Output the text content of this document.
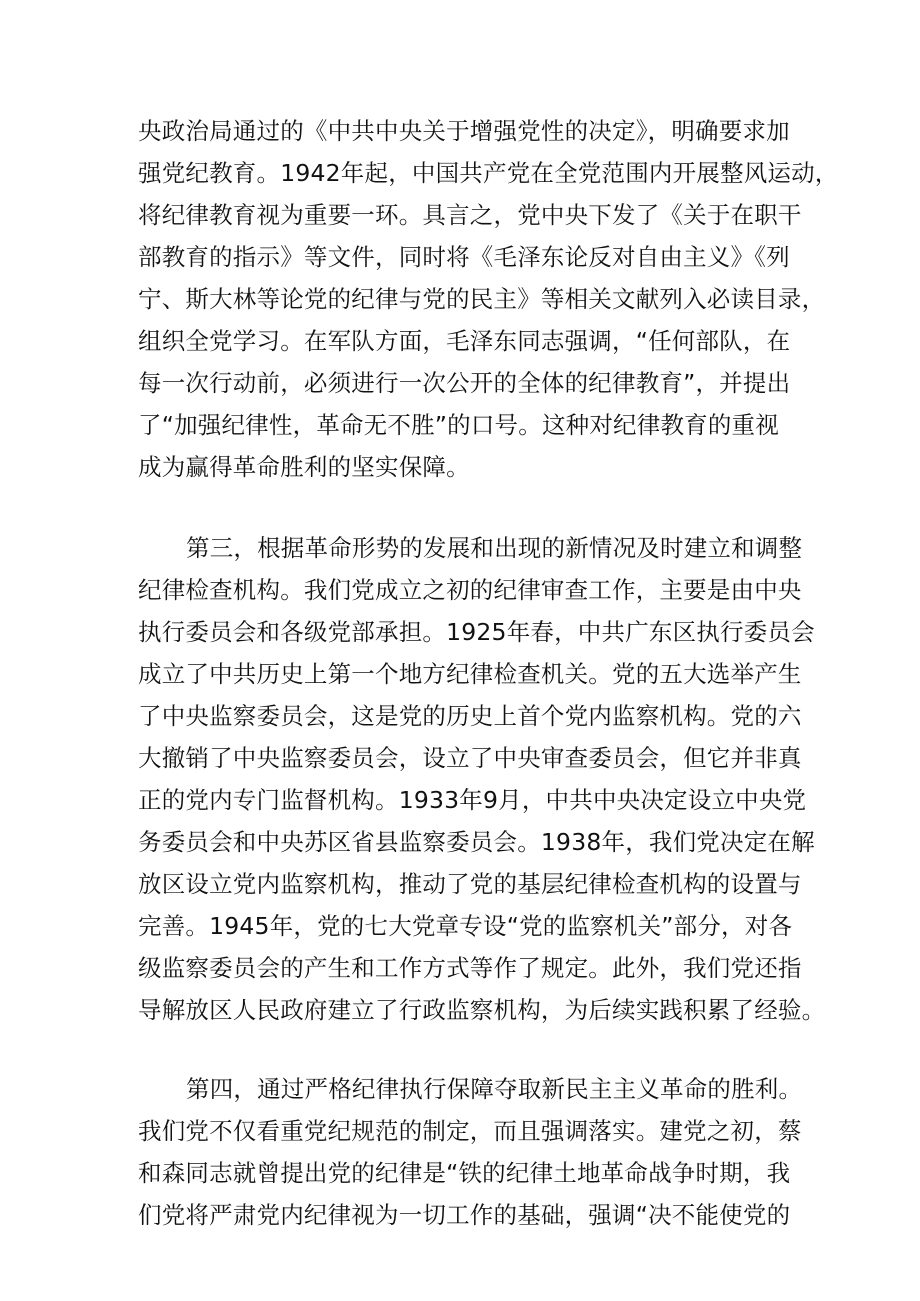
央政治局通过的《中共中央关于增强党性的决定》，明确要求加
强党纪教育。1942年起，中国共产党在全党范围内开展整风运动，
将纪律教育视为重要一环。具言之，党中央下发了《关于在职干
部教育的指示》等文件，同时将《毛泽东论反对自由主义》《列
宁、斯大林等论党的纪律与党的民主》等相关文献列入必读目录，
组织全党学习。在军队方面，毛泽东同志强调，“任何部队，在
每一次行动前，必须进行一次公开的全体的纪律教育”，并提出
了“加强纪律性，革命无不胜”的口号。这种对纪律教育的重视
成为赢得革命胜利的坚实保障。
第三，根据革命形势的发展和出现的新情况及时建立和调整
纪律检查机构。我们党成立之初的纪律审查工作，主要是由中央
执行委员会和各级党部承担。1925年春，中共广东区执行委员会
成立了中共历史上第一个地方纪律检查机关。党的五大选举产生
了中央监察委员会，这是党的历史上首个党内监察机构。党的六
大撤销了中央监察委员会，设立了中央审查委员会，但它并非真
正的党内专门监督机构。1933年9月，中共中央决定设立中央党
务委员会和中央苏区省县监察委员会。1938年，我们党决定在解
放区设立党内监察机构，推动了党的基层纪律检查机构的设置与
完善。1945年，党的七大党章专设“党的监察机关”部分，对各
级监察委员会的产生和工作方式等作了规定。此外，我们党还指
导解放区人民政府建立了行政监察机构，为后续实践积累了经验。
第四，通过严格纪律执行保障夺取新民主主义革命的胜利。
我们党不仅看重党纪规范的制定，而且强调落实。建党之初，蔡
和森同志就曾提出党的纪律是“铁的纪律土地革命战争时期，我
们党将严肃党内纪律视为一切工作的基础，强调“决不能使党的
